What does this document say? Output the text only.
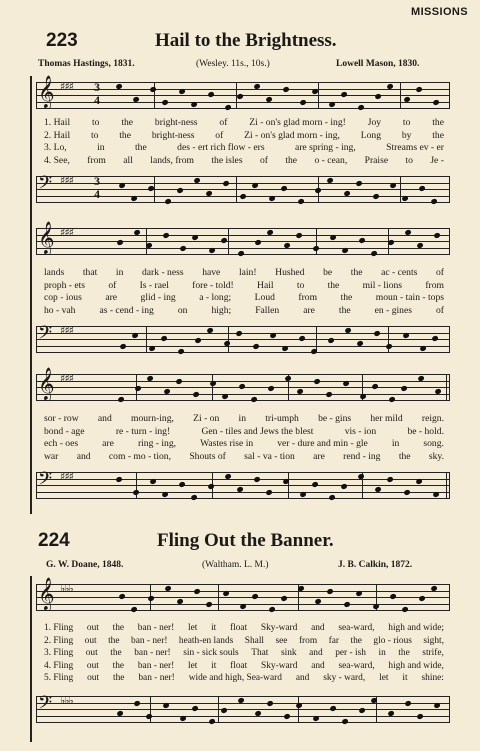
MISSIONS
223	Hail to the Brightness.
Thomas Hastings, 1831.	(Wesley. 11s., 10s.)	Lowell Mason, 1830.
𝄞 ♯♯♯ 3
4
1. Hail to the bright-ness of Zi - on's glad morn - ing! Joy to the
2. Hail to the bright-ness of Zi - on's glad morn - ing, Long by the
3. Lo,	in	the	des - ert rich flow - ers	are spring - ing,	Streams ev - er
4. See, from all lands, from the isles of the o - cean, Praise to Je -
𝄢 ♯♯♯ 3
4
𝄞 ♯♯♯
lands that in dark - ness have lain! Hushed be the ac - cents of
proph - ets of Is - rael fore - told! Hail to the mil - lions from
cop - ious are glid - ing a - long; Loud from the moun - tain - tops
ho - vah	as - cend - ing	on	high;	Fallen	are	the	en - gines	of
𝄢 ♯♯♯
𝄞 ♯♯♯
sor - row and mourn-ing, Zi - on in tri-umph be - gins her mild reign.
bond - age	re - turn - ing!	Gen - tiles and Jews the blest	vis - ion	be - hold.
ech - oes	are	ring - ing,	Wastes rise in	ver - dure and min - gle	in	song.
war and com - mo - tion, Shouts of sal - va - tion are rend - ing the sky.
𝄢 ♯♯♯
224	Fling Out the Banner.
G. W. Doane, 1848.	(Waltham. L. M.)	J. B. Calkin, 1872.
𝄞 ♭♭♭
1. Fling out the ban - ner! let it float Sky-ward and sea-ward, high and wide;
2. Fling out the ban - ner! heath-en lands Shall see from far the glo - rious sight,
3. Fling out the ban - ner! sin - sick souls That sink and per - ish in the strife,
4. Fling out the ban - ner! let it float Sky-ward and sea-ward, high and wide,
5. Fling out the ban - ner! wide and high, Sea-ward and sky - ward, let it shine:
𝄢 ♭♭♭
